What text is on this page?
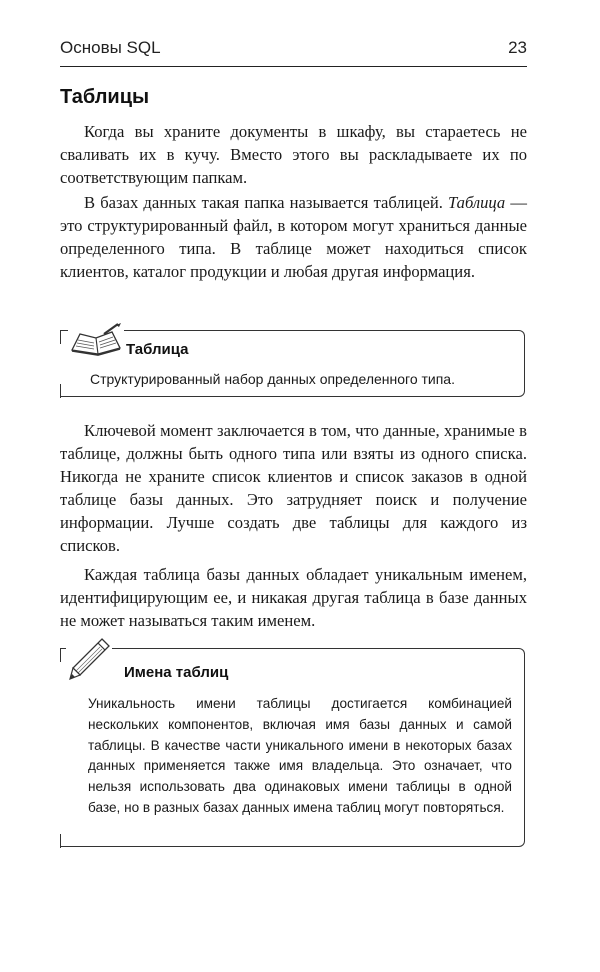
Основы SQL	23
Таблицы

Когда вы храните документы в шкафу, вы стараетесь не сваливать их в кучу. Вместо этого вы раскладываете их по соответствующим папкам.

В базах данных такая папка называется таблицей. Таблица — это структурированный файл, в котором могут храниться данные определенного типа. В таблице может находиться список клиентов, каталог продукции и любая другая информация.

Таблица
Структурированный набор данных определенного типа.

Ключевой момент заключается в том, что данные, хранимые в таблице, должны быть одного типа или взяты из одного списка. Никогда не храните список клиентов и список заказов в одной таблице базы данных. Это затрудняет поиск и получение информации. Лучше создать две таблицы для каждого из списков.

Каждая таблица базы данных обладает уникальным именем, идентифицирующим ее, и никакая другая таблица в базе данных не может называться таким именем.

Имена таблиц

Уникальность имени таблицы достигается комбинацией нескольких компонентов, включая имя базы данных и самой таблицы. В качестве части уникального имени в некоторых базах данных применяется также имя владельца. Это означает, что нельзя использовать два одинаковых имени таблицы в одной базе, но в разных базах данных имена таблиц могут повторяться.
